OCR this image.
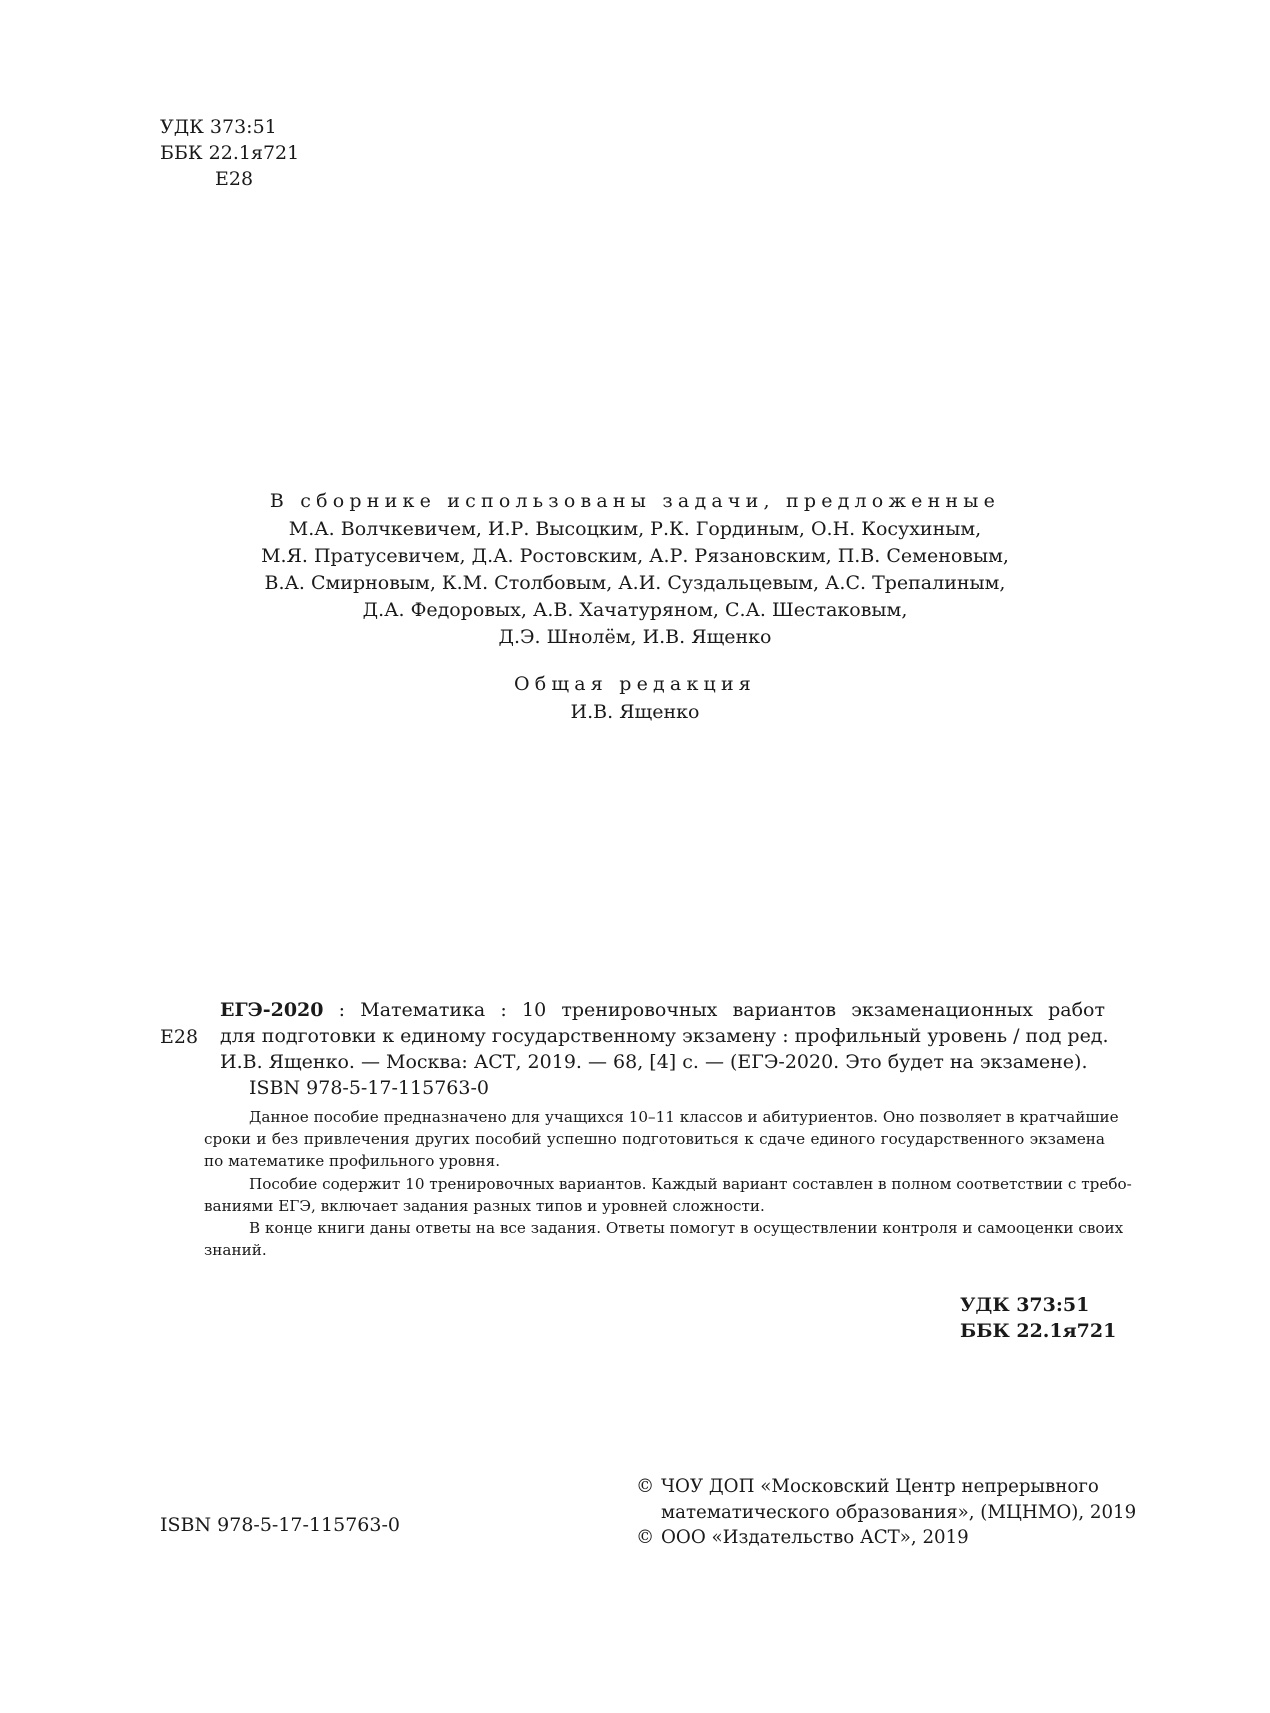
УДК 373:51
ББК 22.1я721
Е28
В сборнике использованы задачи, предложенные
М.А. Волчкевичем, И.Р. Высоцким, Р.К. Гординым, О.Н. Косухиным,
М.Я. Пратусевичем, Д.А. Ростовским, А.Р. Рязановским, П.В. Семеновым,
В.А. Смирновым, К.М. Столбовым, А.И. Суздальцевым, А.С. Трепалиным,
Д.А. Федоровых, А.В. Хачатуряном, С.А. Шестаковым,
Д.Э. Шнолём, И.В. Ященко
Общая редакция
И.В. Ященко
Е28
ЕГЭ-2020 : Математика : 10 тренировочных вариантов экзаменационных работ
для подготовки к единому государственному экзамену : профильный уровень / под ред.
И.В. Ященко. — Москва: АСТ, 2019. — 68, [4] с. — (ЕГЭ-2020. Это будет на экзамене).
ISBN 978-5-17-115763-0
Данное пособие предназначено для учащихся 10–11 классов и абитуриентов. Оно позволяет в кратчайшие
сроки и без привлечения других пособий успешно подготовиться к сдаче единого государственного экзамена
по математике профильного уровня.
Пособие содержит 10 тренировочных вариантов. Каждый вариант составлен в полном соответствии с требо-
ваниями ЕГЭ, включает задания разных типов и уровней сложности.
В конце книги даны ответы на все задания. Ответы помогут в осуществлении контроля и самооценки своих
знаний.
УДК 373:51
ББК 22.1я721
ISBN 978-5-17-115763-0
© ЧОУ ДОП «Московский Центр непрерывного
математического образования», (МЦНМО), 2019
© ООО «Издательство АСТ», 2019
